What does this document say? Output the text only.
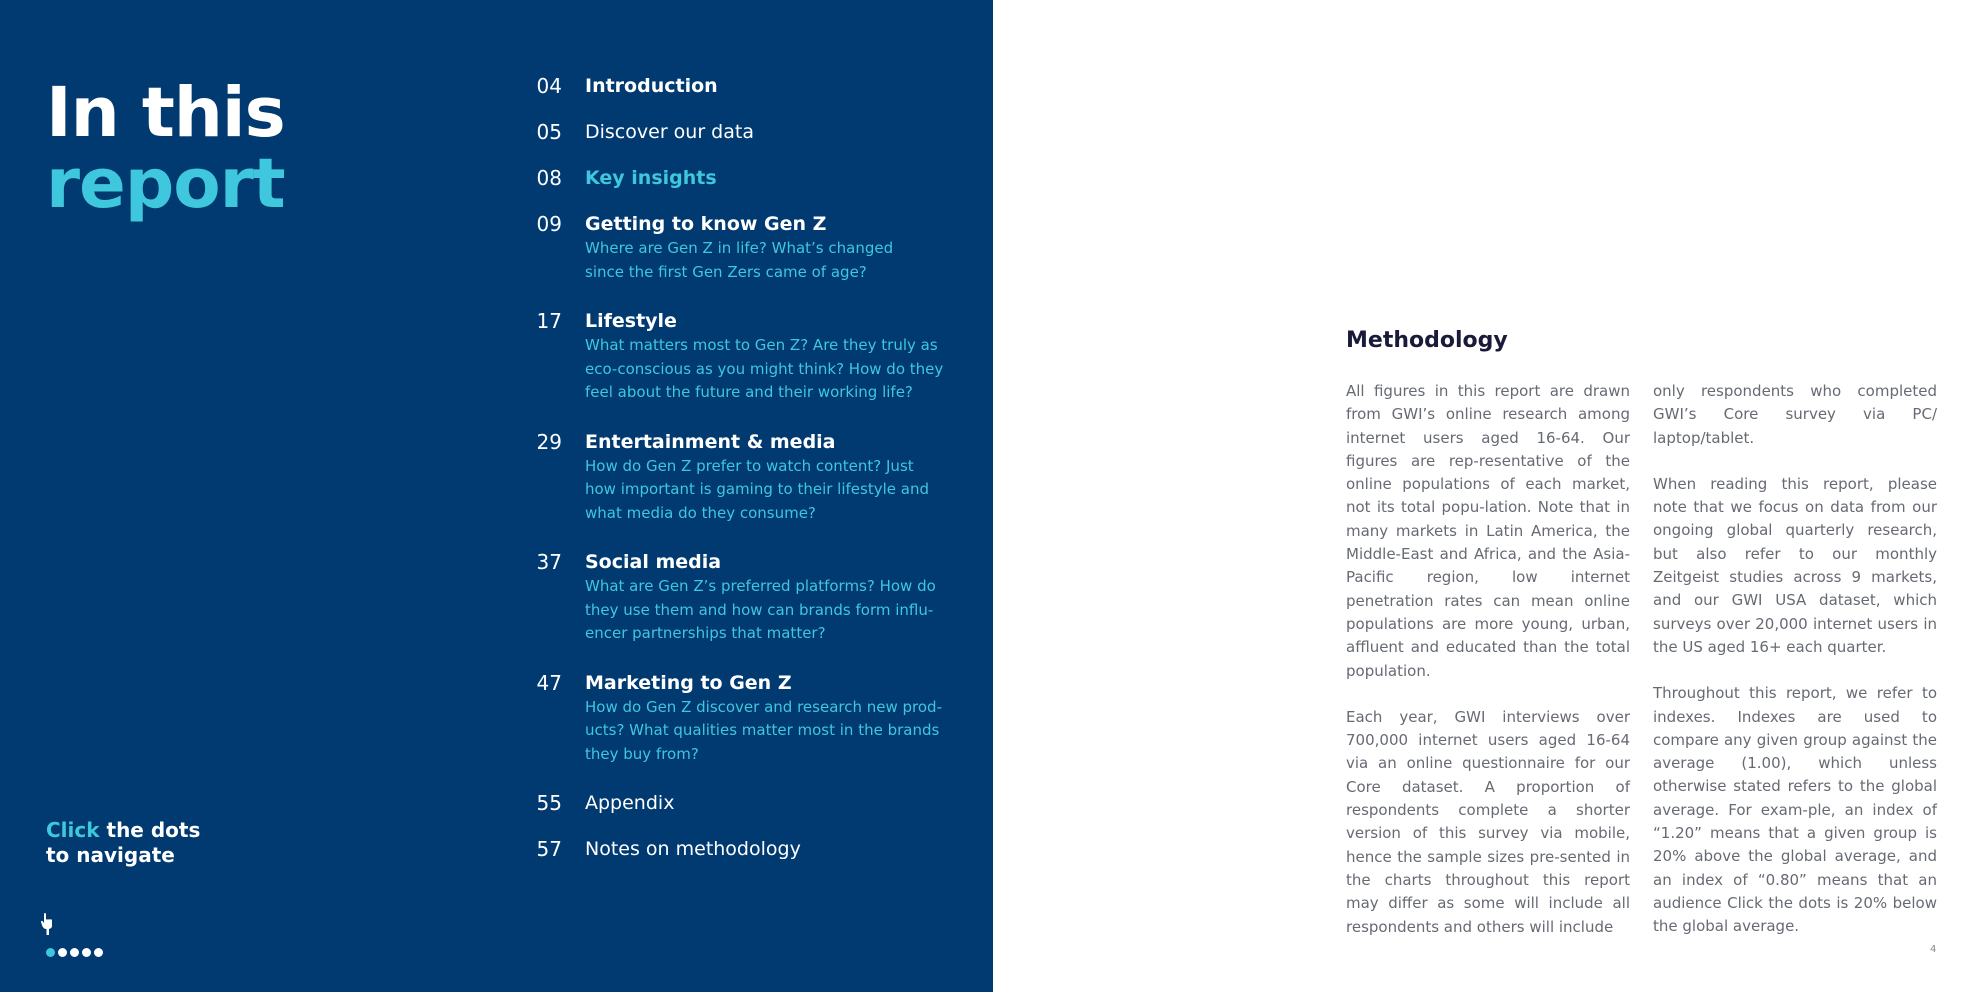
In this
report
04 Introduction
05 Discover our data
08 Key insights
09 Getting to know Gen Z
Where are Gen Z in life? What’s changed
since the first Gen Zers came of age?
17 Lifestyle
What matters most to Gen Z? Are they truly as
eco-conscious as you might think? How do they
feel about the future and their working life?
29 Entertainment & media
How do Gen Z prefer to watch content? Just
how important is gaming to their lifestyle and
what media do they consume?
37 Social media
What are Gen Z’s preferred platforms? How do
they use them and how can brands form influ-
encer partnerships that matter?
47 Marketing to Gen Z
How do Gen Z discover and research new prod-
ucts? What qualities matter most in the brands
they buy from?
55 Appendix
57 Notes on methodology
Click the dots
to navigate
Methodology

All figures in this report are drawn from GWI’s online research among internet users aged 16-64. Our figures are rep-resentative of the online populations of each market, not its total popu-lation. Note that in many markets in Latin America, the Middle-East and Africa, and the Asia-Pacific region, low internet penetration rates can mean online populations are more young, urban, affluent and educated than the total population.

Each year, GWI interviews over 700,000 internet users aged 16-64 via an online questionnaire for our Core dataset. A proportion of respondents complete a shorter version of this survey via mobile, hence the sample sizes pre-sented in the charts throughout this report may differ as some will include all respondents and others will include

only respondents who completed GWI’s Core survey via PC/ laptop/tablet.

When reading this report, please note that we focus on data from our ongoing global quarterly research, but also refer to our monthly Zeitgeist studies across 9 markets, and our GWI USA dataset, which surveys over 20,000 internet users in the US aged 16+ each quarter.

Throughout this report, we refer to indexes. Indexes are used to compare any given group against the average (1.00), which unless otherwise stated refers to the global average. For exam-ple, an index of “1.20” means that a given group is 20% above the global average, and an index of “0.80” means that an audience Click the dots is 20% below the global average.

4
